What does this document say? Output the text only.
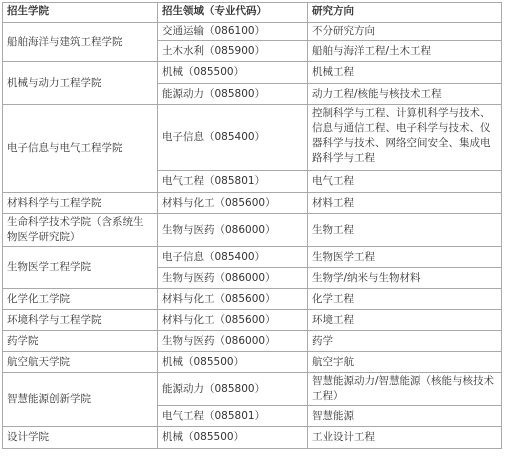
招生学院	招生领域（专业代码）	研究方向
船舶海洋与建筑工程学院	交通运输（086100）	不分研究方向
	土木水利（085900）	船舶与海洋工程/土木工程
机械与动力工程学院	机械（085500）	机械工程
	能源动力（085800）	动力工程/核能与核技术工程
电子信息与电气工程学院	电子信息（085400）	控制科学与工程、计算机科学与技术、信息与通信工程、电子科学与技术、仪器科学与技术、网络空间安全、集成电路科学与工程
	电气工程（085801）	电气工程
材料科学与工程学院	材料与化工（085600）	材料工程
生命科学技术学院（含系统生物医学研究院）	生物与医药（086000）	生物工程
生物医学工程学院	电子信息（085400）	生物医学工程
	生物与医药（086000）	生物学/纳米与生物材料
化学化工学院	材料与化工（085600）	化学工程
环境科学与工程学院	材料与化工（085600）	环境工程
药学院	生物与医药（086000）	药学
航空航天学院	机械（085500）	航空宇航
智慧能源创新学院	能源动力（085800）	智慧能源动力/智慧能源（核能与核技术工程）
	电气工程（085801）	智慧能源
设计学院	机械（085500）	工业设计工程
